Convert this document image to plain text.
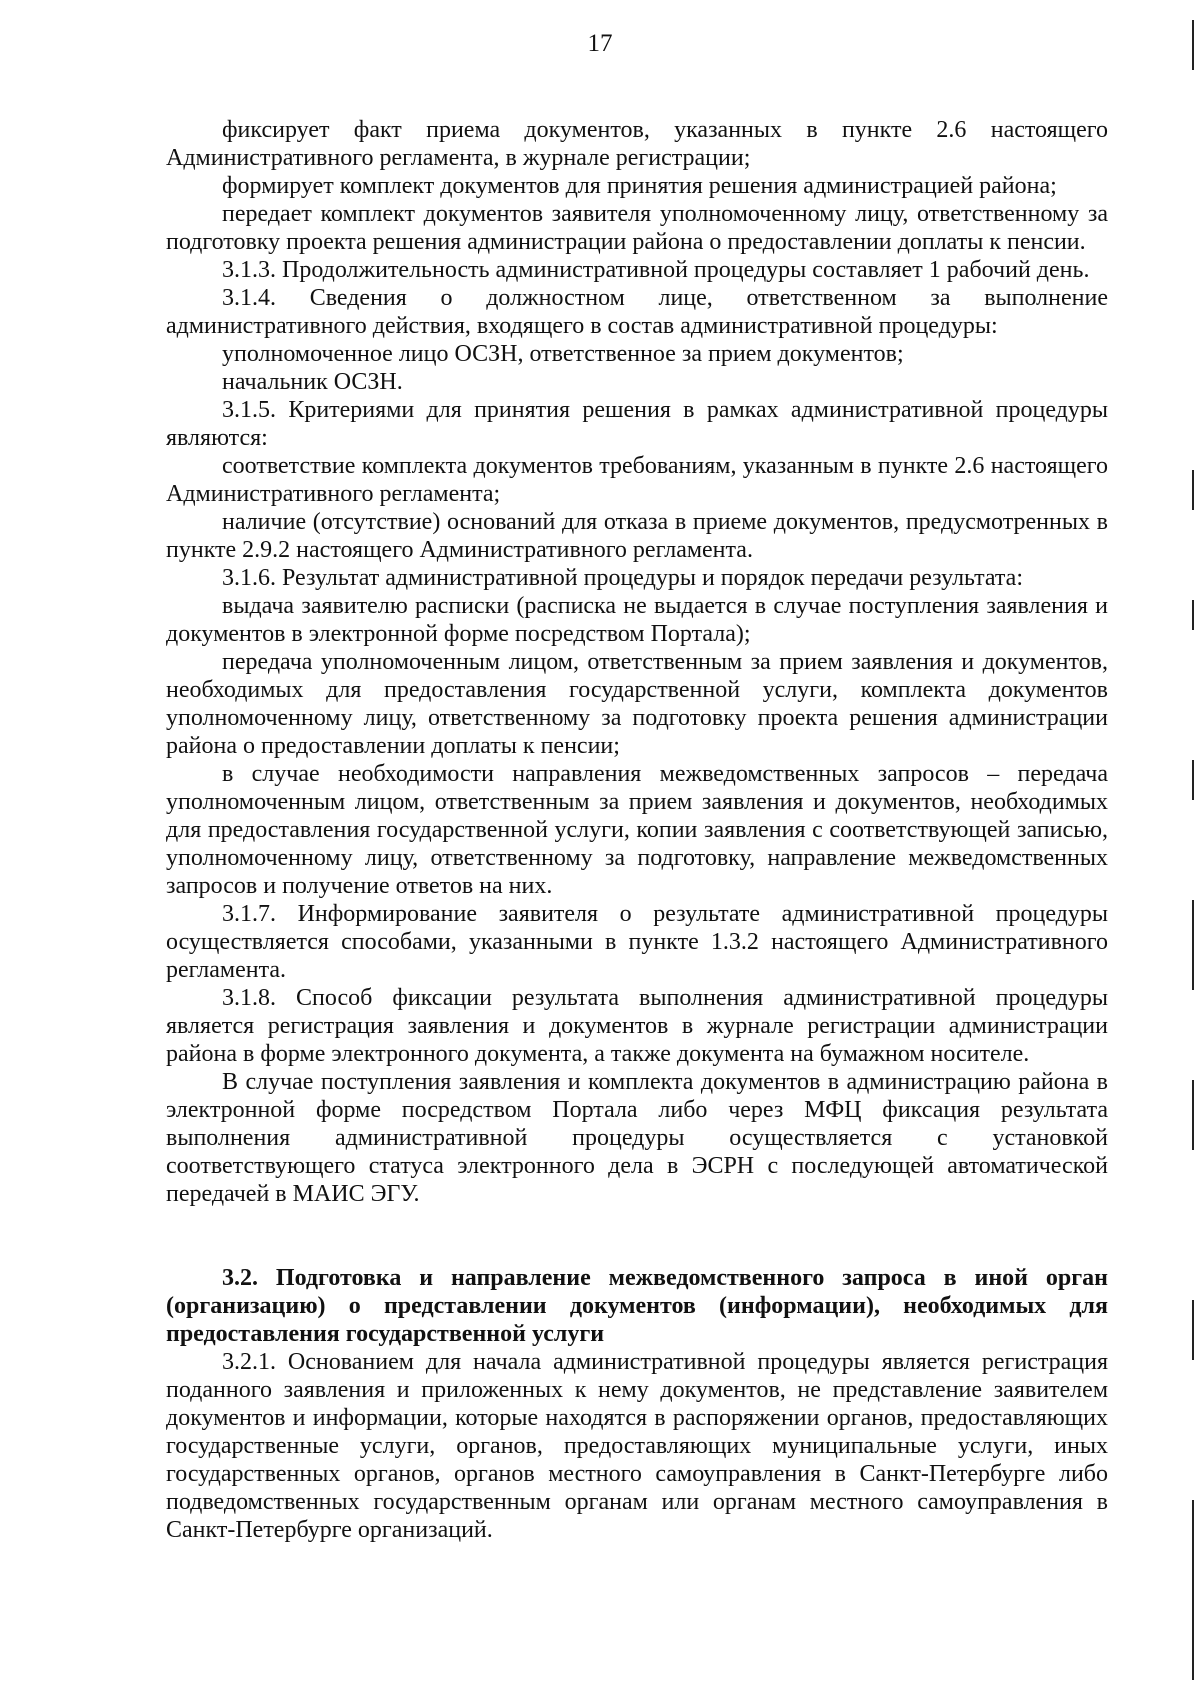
17

фиксирует факт приема документов, указанных в пункте 2.6 настоящего Административного регламента, в журнале регистрации;

формирует комплект документов для принятия решения администрацией района;

передает комплект документов заявителя уполномоченному лицу, ответственному за подготовку проекта решения администрации района о предоставлении доплаты к пенсии.

3.1.3. Продолжительность административной процедуры составляет 1 рабочий день.

3.1.4. Сведения о должностном лице, ответственном за выполнение административного действия, входящего в состав административной процедуры:

уполномоченное лицо ОСЗН, ответственное за прием документов;

начальник ОСЗН.

3.1.5. Критериями для принятия решения в рамках административной процедуры являются:

соответствие комплекта документов требованиям, указанным в пункте 2.6 настоящего Административного регламента;

наличие (отсутствие) оснований для отказа в приеме документов, предусмотренных в пункте 2.9.2 настоящего Административного регламента.

3.1.6. Результат административной процедуры и порядок передачи результата:

выдача заявителю расписки (расписка не выдается в случае поступления заявления и документов в электронной форме посредством Портала);

передача уполномоченным лицом, ответственным за прием заявления и документов, необходимых для предоставления государственной услуги, комплекта документов уполномоченному лицу, ответственному за подготовку проекта решения администрации района о предоставлении доплаты к пенсии;

в случае необходимости направления межведомственных запросов – передача уполномоченным лицом, ответственным за прием заявления и документов, необходимых для предоставления государственной услуги, копии заявления с соответствующей записью, уполномоченному лицу, ответственному за подготовку, направление межведомственных запросов и получение ответов на них.

3.1.7. Информирование заявителя о результате административной процедуры осуществляется способами, указанными в пункте 1.3.2 настоящего Административного регламента.

3.1.8. Способ фиксации результата выполнения административной процедуры является регистрация заявления и документов в журнале регистрации администрации района в форме электронного документа, а также документа на бумажном носителе.

В случае поступления заявления и комплекта документов в администрацию района в электронной форме посредством Портала либо через МФЦ фиксация результата выполнения административной процедуры осуществляется с установкой соответствующего статуса электронного дела в ЭСРН с последующей автоматической передачей в МАИС ЭГУ.

3.2. Подготовка и направление межведомственного запроса в иной орган (организацию) о представлении документов (информации), необходимых для предоставления государственной услуги

3.2.1. Основанием для начала административной процедуры является регистрация поданного заявления и приложенных к нему документов, не представление заявителем документов и информации, которые находятся в распоряжении органов, предоставляющих государственные услуги, органов, предоставляющих муниципальные услуги, иных государственных органов, органов местного самоуправления в Санкт-Петербурге либо подведомственных государственным органам или органам местного самоуправления в Санкт-Петербурге организаций.
